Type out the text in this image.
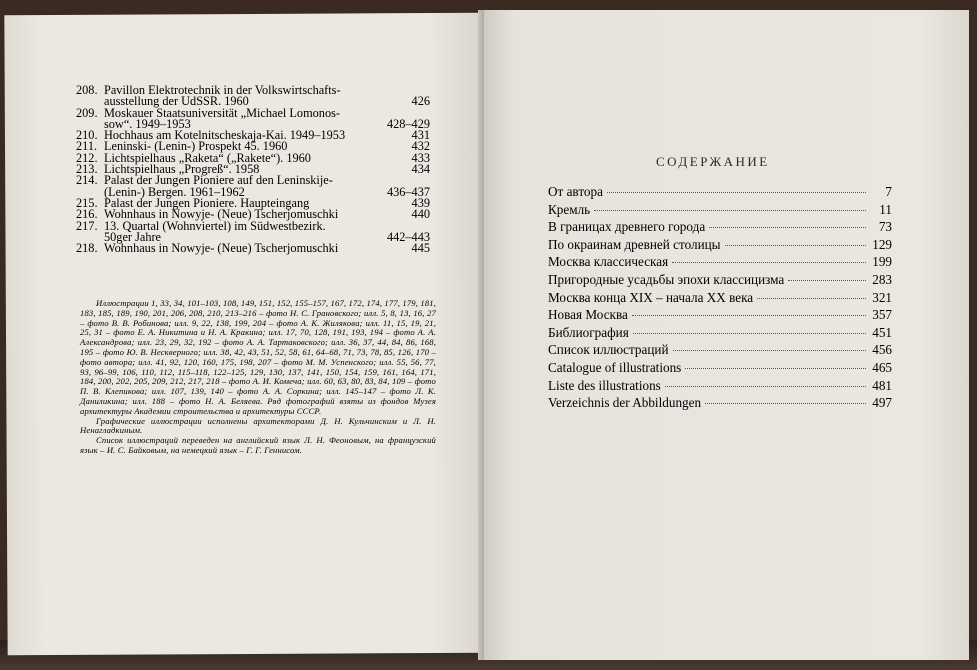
208. Pavillon Elektrotechnik in der Volkswirtschafts-
ausstellung der UdSSR. 1960	426
209. Moskauer Staatsuniversität „Michael Lomonos-
sow“. 1949–1953	428–429
210. Hochhaus am Kotelnitscheskaja-Kai. 1949–1953	431
211. Leninski- (Lenin-) Prospekt 45. 1960	432
212. Lichtspielhaus „Raketa“ („Rakete“). 1960	433
213. Lichtspielhaus „Progreß“. 1958	434
214. Palast der Jungen Pioniere auf den Leninskije-
(Lenin-) Bergen. 1961–1962	436–437
215. Palast der Jungen Pioniere. Haupteingang	439
216. Wohnhaus in Nowyje- (Neue) Tscherjomuschki	440
217. 13. Quartal (Wohnviertel) im Südwestbezirk.
50ger Jahre	442–443
218. Wohnhaus in Nowyje- (Neue) Tscherjomuschki	445

Иллюстрации 1, 33, 34, 101–103, 108, 149, 151, 152, 155–157, 167, 172, 174, 177, 179, 181, 183, 185, 189, 190, 201, 206, 208, 210, 213–216 – фото Н. С. Грановского; илл. 5, 8, 13, 16, 27 – фото В. В. Робинова; илл. 9, 22, 138, 199, 204 – фото А. К. Жиляковa; илл. 11, 15, 19, 21, 25, 31 – фото Е. А. Никитина и Н. А. Кракина; илл. 17, 70, 128, 191, 193, 194 – фото А. А. Александрова; илл. 23, 29, 32, 192 – фото А. А. Тартаковского; илл. 36, 37, 44, 84, 86, 168, 195 – фото Ю. В. Нескверного; илл. 38, 42, 43, 51, 52, 58, 61, 64–68, 71, 73, 78, 85, 126, 170 – фото автора; илл. 41, 92, 120, 160, 175, 198, 207 – фото М. М. Успенского; илл. 55, 56, 77, 93, 96–99, 106, 110, 112, 115–118, 122–125, 129, 130, 137, 141, 150, 154, 159, 161, 164, 171, 184, 200, 202, 205, 209, 212, 217, 218 – фото А. И. Комеча; илл. 60, 63, 80, 83, 84, 109 – фото П. В. Клепикова; илл. 107, 139, 140 – фото А. А. Соркина; илл. 145–147 – фото Л. К. Даниликина; илл. 188 – фото Н. А. Беляева. Ряд фотографий взяты из фондов Музея архитектуры Академии строительства и архитектуры СССР.

Графические иллюстрации исполнены архитекторами Д. Н. Кульчинским и Л. Н. Ненагладкиным.

Список иллюстраций переведен на английский язык Л. Н. Феоновым, на французский язык – И. С. Байковым, на немецкий язык – Г. Г. Геннисом.

СОДЕРЖАНИЕ
От автора	7
Кремль	11
В границах древнего города	73
По окраинам древней столицы	129
Москва классическая	199
Пригородные усадьбы эпохи классицизма	283
Москва конца XIX – начала XX века	321
Новая Москва	357
Библиография	451
Список иллюстраций	456
Catalogue of illustrations	465
Liste des illustrations	481
Verzeichnis der Abbildungen	497
